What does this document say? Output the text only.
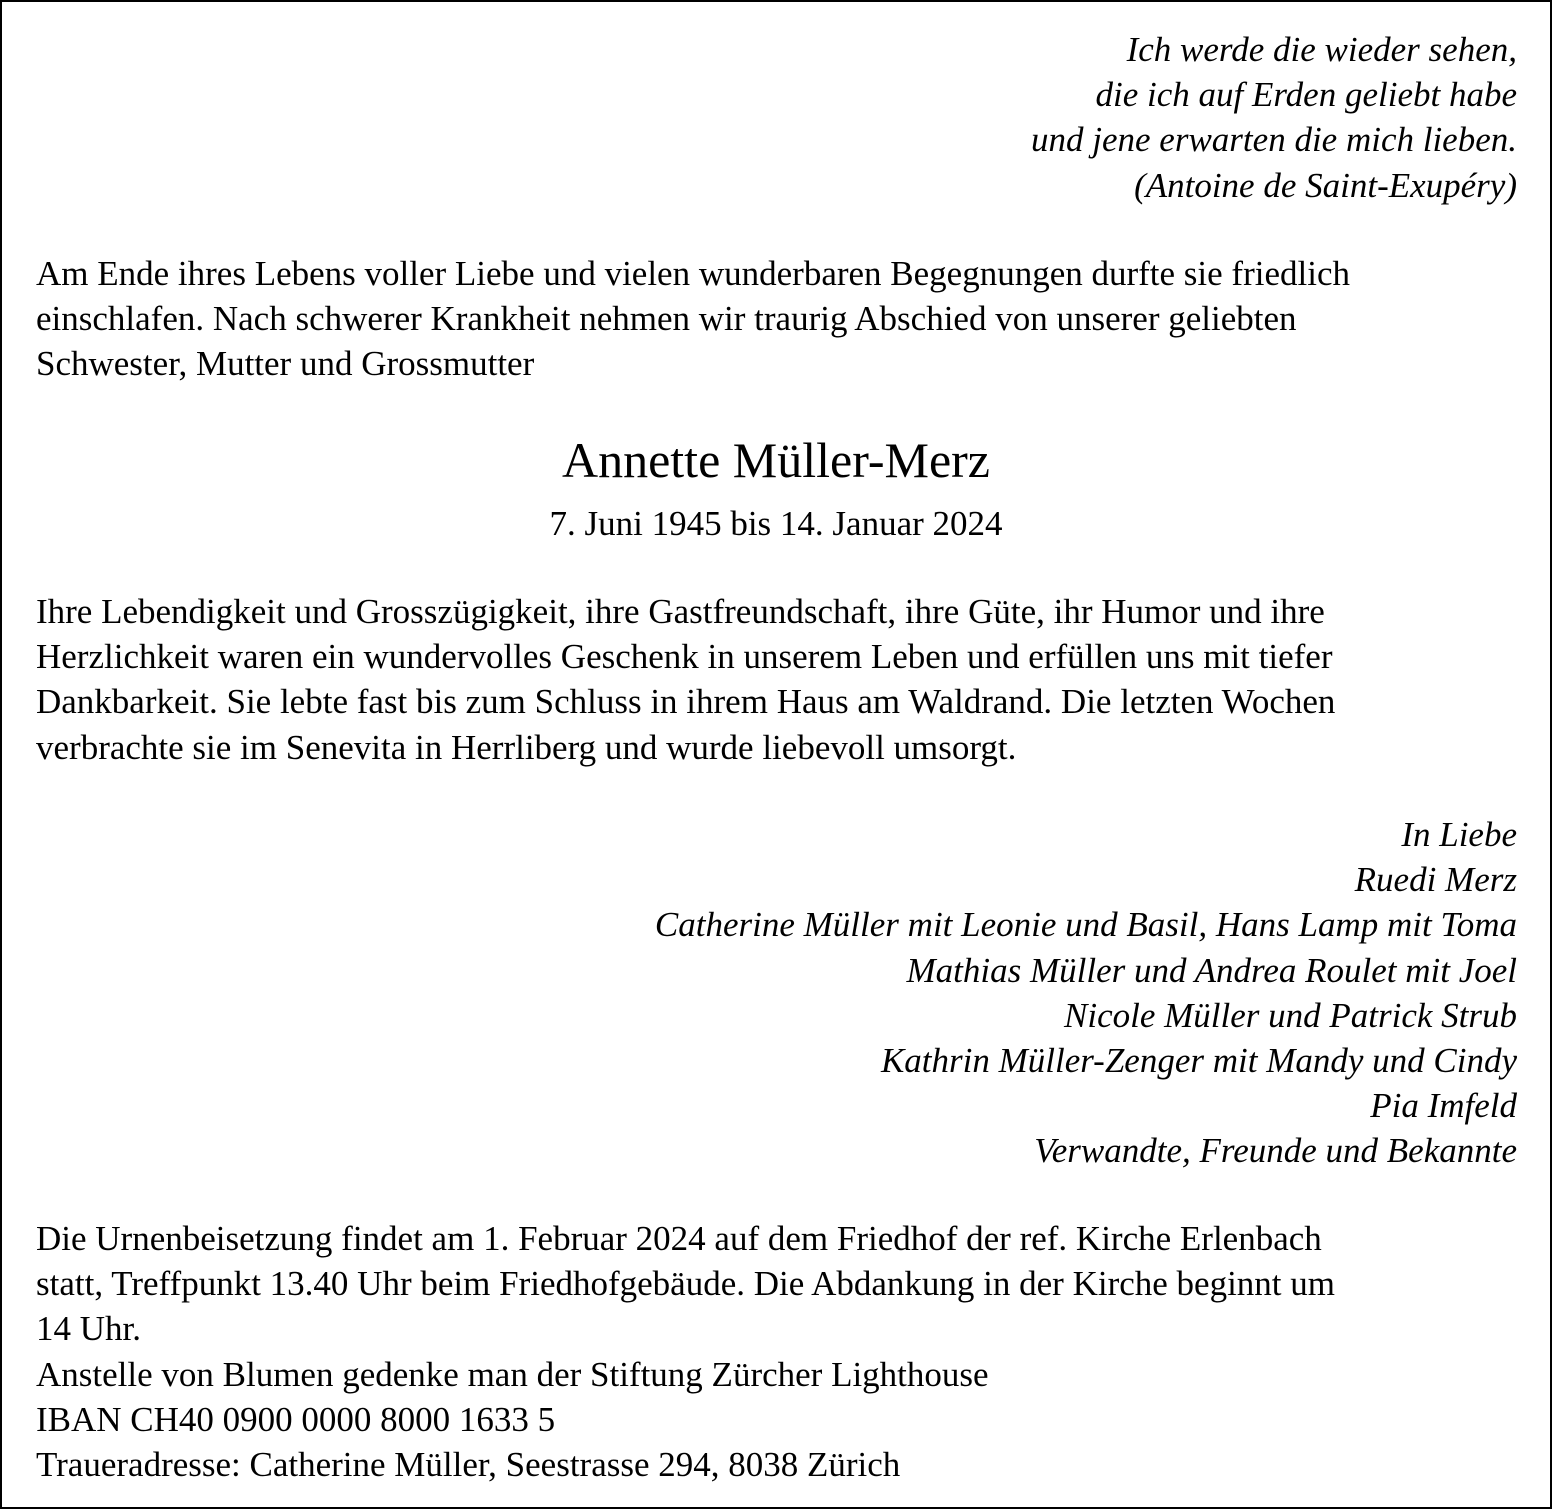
Ich werde die wieder sehen,
die ich auf Erden geliebt habe
und jene erwarten die mich lieben.
(Antoine de Saint-Exupéry)
Am Ende ihres Lebens voller Liebe und vielen wunderbaren Begegnungen durfte sie friedlich
einschlafen. Nach schwerer Krankheit nehmen wir traurig Abschied von unserer geliebten
Schwester, Mutter und Grossmutter
Annette Müller-Merz
7. Juni 1945 bis 14. Januar 2024
Ihre Lebendigkeit und Grosszügigkeit, ihre Gastfreundschaft, ihre Güte, ihr Humor und ihre
Herzlichkeit waren ein wundervolles Geschenk in unserem Leben und erfüllen uns mit tiefer
Dankbarkeit. Sie lebte fast bis zum Schluss in ihrem Haus am Waldrand. Die letzten Wochen
verbrachte sie im Senevita in Herrliberg und wurde liebevoll umsorgt.
In Liebe
Ruedi Merz
Catherine Müller mit Leonie und Basil, Hans Lamp mit Toma
Mathias Müller und Andrea Roulet mit Joel
Nicole Müller und Patrick Strub
Kathrin Müller-Zenger mit Mandy und Cindy
Pia Imfeld
Verwandte, Freunde und Bekannte
Die Urnenbeisetzung findet am 1. Februar 2024 auf dem Friedhof der ref. Kirche Erlenbach
statt, Treffpunkt 13.40 Uhr beim Friedhofgebäude. Die Abdankung in der Kirche beginnt um
14 Uhr.
Anstelle von Blumen gedenke man der Stiftung Zürcher Lighthouse
IBAN CH40 0900 0000 8000 1633 5
Traueradresse: Catherine Müller, Seestrasse 294, 8038 Zürich
